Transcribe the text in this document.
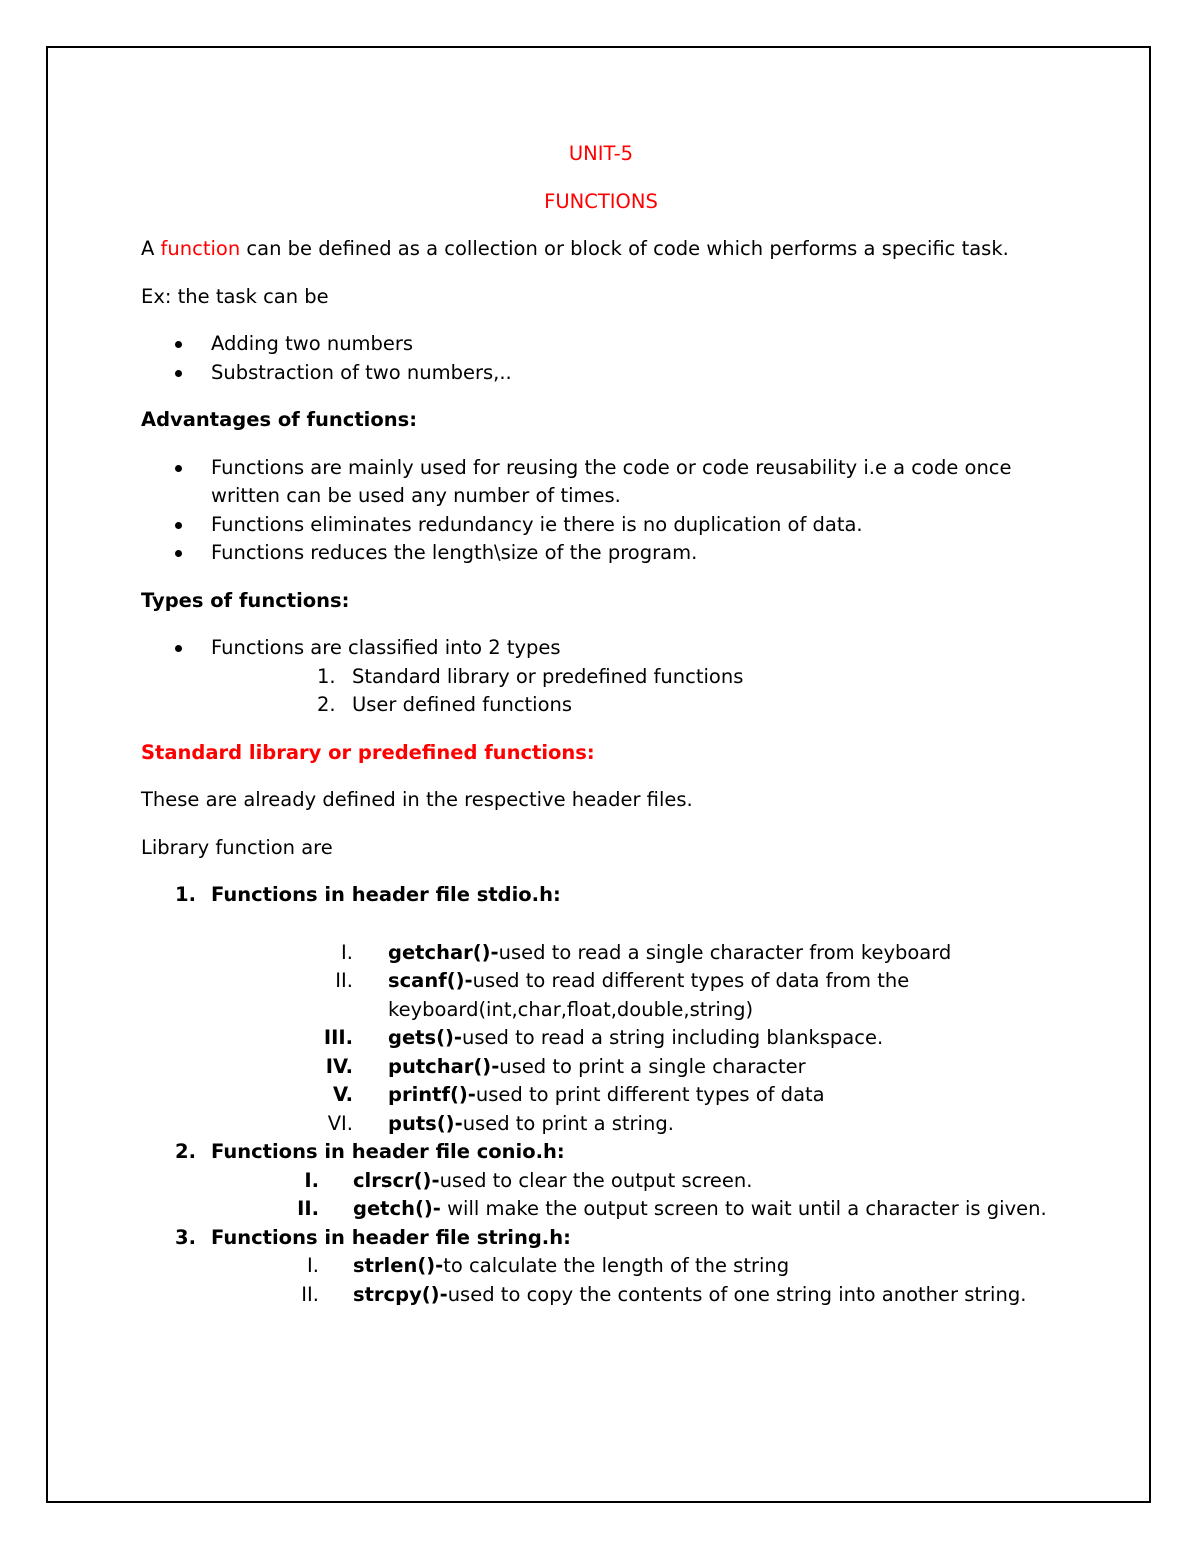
UNIT-5
FUNCTIONS

A function can be defined as a collection or block of code which performs a specific task.

Ex: the task can be

Adding two numbers
Substraction of two numbers,..
Advantages of functions:
Functions are mainly used for reusing the code or code reusability i.e a code once written can be used any number of times.
Functions eliminates redundancy ie there is no duplication of data.
Functions reduces the length\size of the program.
Types of functions:
Functions are classified into 2 types
1. Standard library or predefined functions
2. User defined functions
Standard library or predefined functions:

These are already defined in the respective header files.

Library function are

1. Functions in header file stdio.h:
I. getchar()-used to read a single character from keyboard
II. scanf()-used to read different types of data from the keyboard(int,char,float,double,string)
III. gets()-used to read a string including blankspace.
IV. putchar()-used to print a single character
V. printf()-used to print different types of data
VI. puts()-used to print a string.
2. Functions in header file conio.h:
I. clrscr()-used to clear the output screen.
II. getch()- will make the output screen to wait until a character is given.
3. Functions in header file string.h:
I. strlen()-to calculate the length of the string
II. strcpy()-used to copy the contents of one string into another string.
